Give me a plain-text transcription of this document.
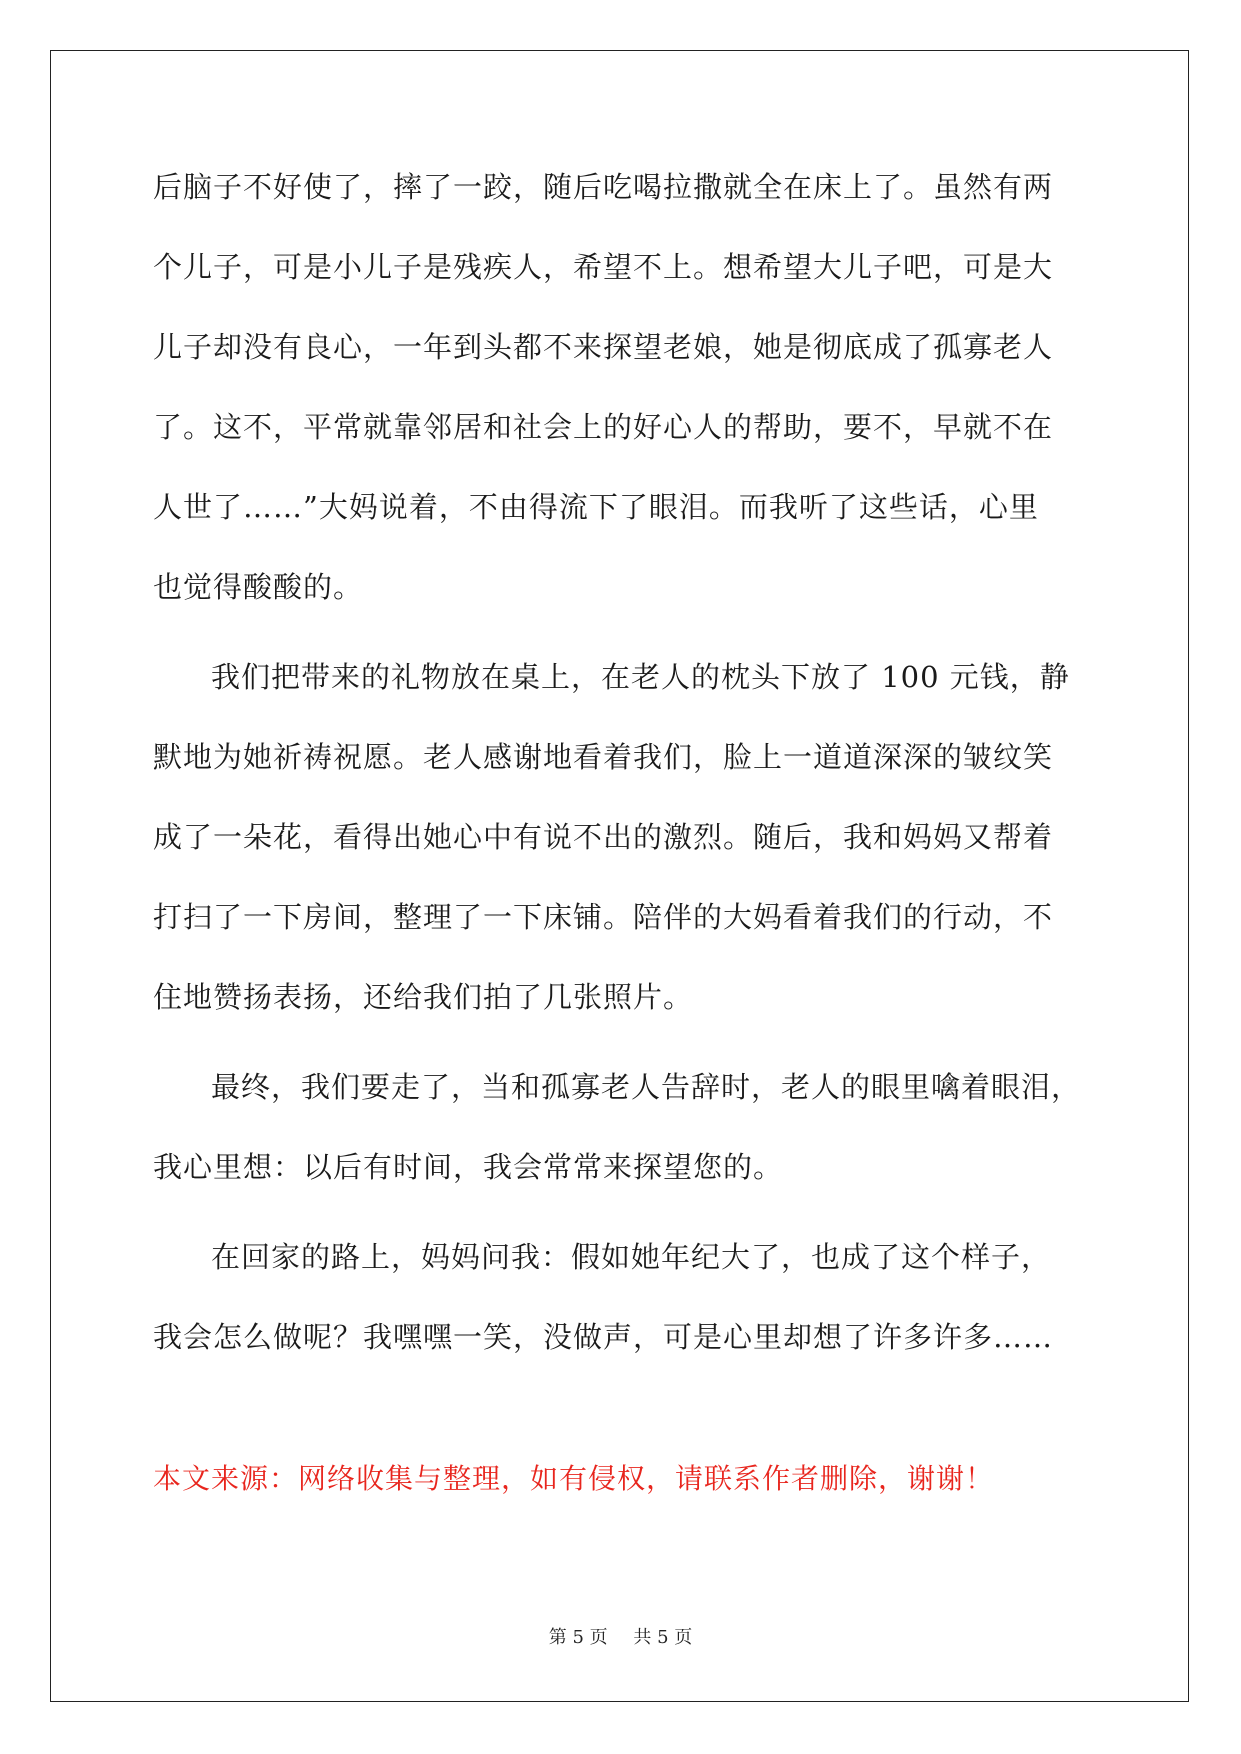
后脑子不好使了，摔了一跤，随后吃喝拉撒就全在床上了。虽然有两
个儿子，可是小儿子是残疾人，希望不上。想希望大儿子吧，可是大
儿子却没有良心，一年到头都不来探望老娘，她是彻底成了孤寡老人
了。这不，平常就靠邻居和社会上的好心人的帮助，要不，早就不在
人世了……”大妈说着，不由得流下了眼泪。而我听了这些话，心里
也觉得酸酸的。
我们把带来的礼物放在桌上，在老人的枕头下放了 100 元钱，静
默地为她祈祷祝愿。老人感谢地看着我们，脸上一道道深深的皱纹笑
成了一朵花，看得出她心中有说不出的激烈。随后，我和妈妈又帮着
打扫了一下房间，整理了一下床铺。陪伴的大妈看着我们的行动，不
住地赞扬表扬，还给我们拍了几张照片。
最终，我们要走了，当和孤寡老人告辞时，老人的眼里噙着眼泪，
我心里想：以后有时间，我会常常来探望您的。
在回家的路上，妈妈问我：假如她年纪大了，也成了这个样子，
我会怎么做呢？我嘿嘿一笑，没做声，可是心里却想了许多许多……
本文来源：网络收集与整理，如有侵权，请联系作者删除，谢谢！
第 5 页 共 5 页
